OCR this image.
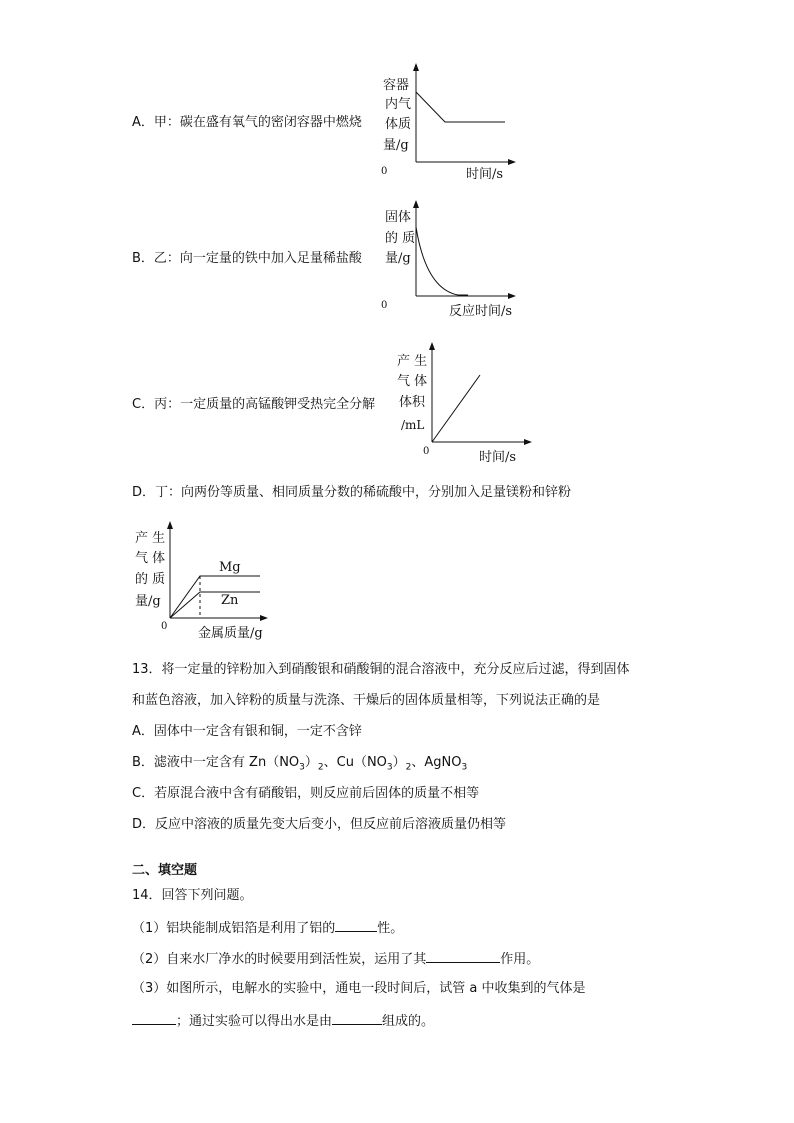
A．甲：碳在盛有氧气的密闭容器中燃烧
容器
内气
体质
量/g
0	时间/s
B．乙：向一定量的铁中加入足量稀盐酸
固体
的 质
量/g
0	反应时间/s
C．丙：一定质量的高锰酸钾受热完全分解
产 生
气 体
体积
/mL
0	时间/s
D．丁：向两份等质量、相同质量分数的稀硫酸中，分别加入足量镁粉和锌粉
产 生
气 体
的 质
量/g
Mg
Zn
0 金属质量/g
13．将一定量的锌粉加入到硝酸银和硝酸铜的混合溶液中，充分反应后过滤，得到固体
和蓝色溶液，加入锌粉的质量与洗涤、干燥后的固体质量相等，下列说法正确的是
A．固体中一定含有银和铜，一定不含锌
B．滤液中一定含有 $Zn(NO_3)_2$、$Cu(NO_3)_2$、AgNO$_3$
C．若原混合液中含有硝酸铝，则反应前后固体的质量不相等
D．反应中溶液的质量先变大后变小，但反应前后溶液质量仍相等
二、填空题
14．回答下列问题。
（1）铝块能制成铝箔是利用了铝的	性。
（2）自来水厂净水的时候要用到活性炭，运用了其	作用。
（3）如图所示，电解水的实验中，通电一段时间后，试管 a 中收集到的气体是
；通过实验可以得出水是由	组成的。
